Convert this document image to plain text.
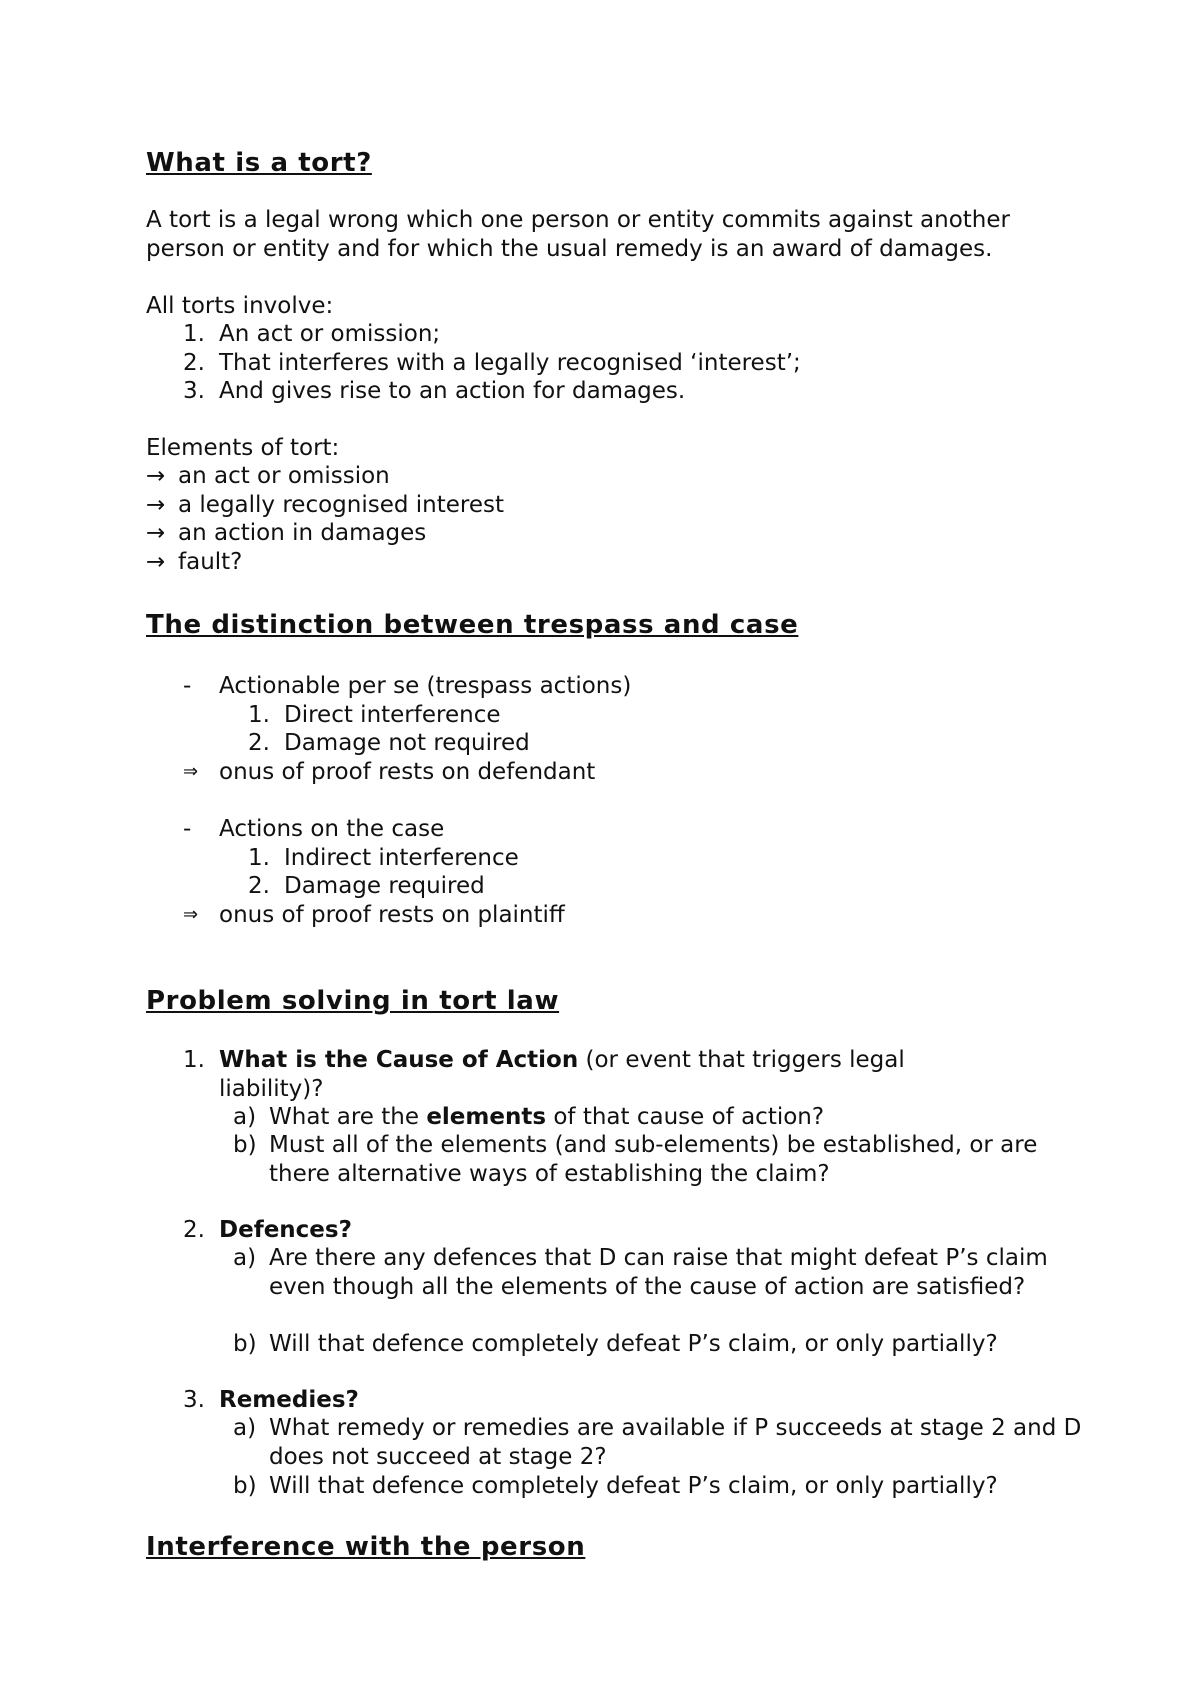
What is a tort?

A tort is a legal wrong which one person or entity commits against another person or entity and for which the usual remedy is an award of damages.

All torts involve:

1. An act or omission;
2. That interferes with a legally recognised ‘interest’;
3. And gives rise to an action for damages.

Elements of tort:

→ an act or omission
→ a legally recognised interest
→ an action in damages
→ fault?
The distinction between trespass and case
- Actionable per se (trespass actions)
1. Direct interference
2. Damage not required
⇒ onus of proof rests on defendant
- Actions on the case
1. Indirect interference
2. Damage required
⇒ onus of proof rests on plaintiff
Problem solving in tort law
1. What is the Cause of Action (or event that triggers legal liability)?

a) What are the elements of that cause of action?

b) Must all of the elements (and sub-elements) be established, or are there alternative ways of establishing the claim?

2. Defences?
a) Are there any defences that D can raise that might defeat P’s claim even though all the elements of the cause of action are satisfied?

b) Will that defence completely defeat P’s claim, or only partially?

3. Remedies?
a) What remedy or remedies are available if P succeeds at stage 2 and D does not succeed at stage 2?

b) Will that defence completely defeat P’s claim, or only partially?

Interference with the person
